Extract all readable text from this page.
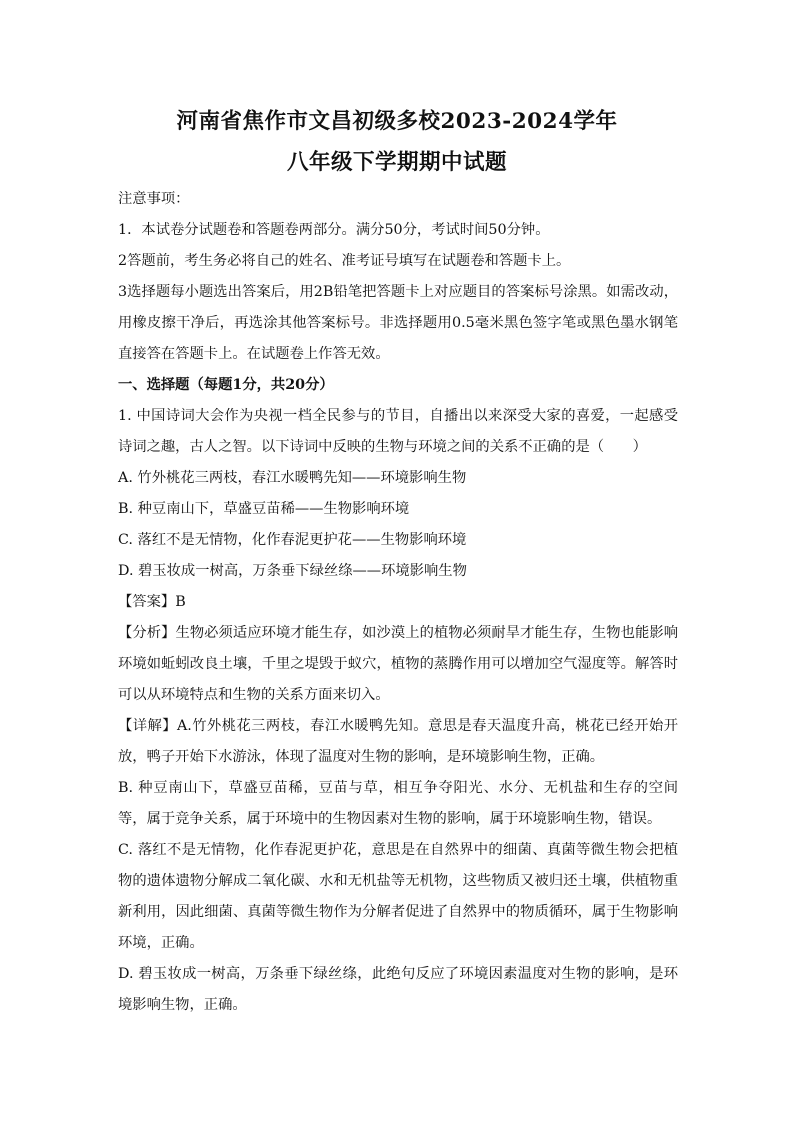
河南省焦作市文昌初级多校2023-2024学年
八年级下学期期中试题

注意事项：

1．本试卷分试题卷和答题卷两部分。满分50分，考试时间50分钟。

2答题前，考生务必将自己的姓名、准考证号填写在试题卷和答题卡上。

3选择题每小题选出答案后，用2B铅笔把答题卡上对应题目的答案标号涂黑。如需改动，用橡皮擦干净后，再选涂其他答案标号。非选择题用0.5毫米黑色签字笔或黑色墨水钢笔直接答在答题卡上。在试题卷上作答无效。

一、选择题（每题1分，共20分）

1. 中国诗词大会作为央视一档全民参与的节目，自播出以来深受大家的喜爱，一起感受诗词之趣，古人之智。以下诗词中反映的生物与环境之间的关系不正确的是（　　）

A. 竹外桃花三两枝，春江水暖鸭先知——环境影响生物

B. 种豆南山下，草盛豆苗稀——生物影响环境

C. 落红不是无情物，化作春泥更护花——生物影响环境

D. 碧玉妆成一树高，万条垂下绿丝绦——环境影响生物

【答案】B

【分析】生物必须适应环境才能生存，如沙漠上的植物必须耐旱才能生存，生物也能影响环境如蚯蚓改良土壤，千里之堤毁于蚁穴，植物的蒸腾作用可以增加空气湿度等。解答时可以从环境特点和生物的关系方面来切入。

【详解】A.竹外桃花三两枝，春江水暖鸭先知。意思是春天温度升高，桃花已经开始开放，鸭子开始下水游泳，体现了温度对生物的影响，是环境影响生物，正确。

B. 种豆南山下，草盛豆苗稀，豆苗与草，相互争夺阳光、水分、无机盐和生存的空间等，属于竞争关系，属于环境中的生物因素对生物的影响，属于环境影响生物，错误。

C. 落红不是无情物，化作春泥更护花，意思是在自然界中的细菌、真菌等微生物会把植物的遗体遗物分解成二氧化碳、水和无机盐等无机物，这些物质又被归还土壤，供植物重新利用，因此细菌、真菌等微生物作为分解者促进了自然界中的物质循环，属于生物影响环境，正确。

D. 碧玉妆成一树高，万条垂下绿丝绦，此绝句反应了环境因素温度对生物的影响，是环境影响生物，正确。
